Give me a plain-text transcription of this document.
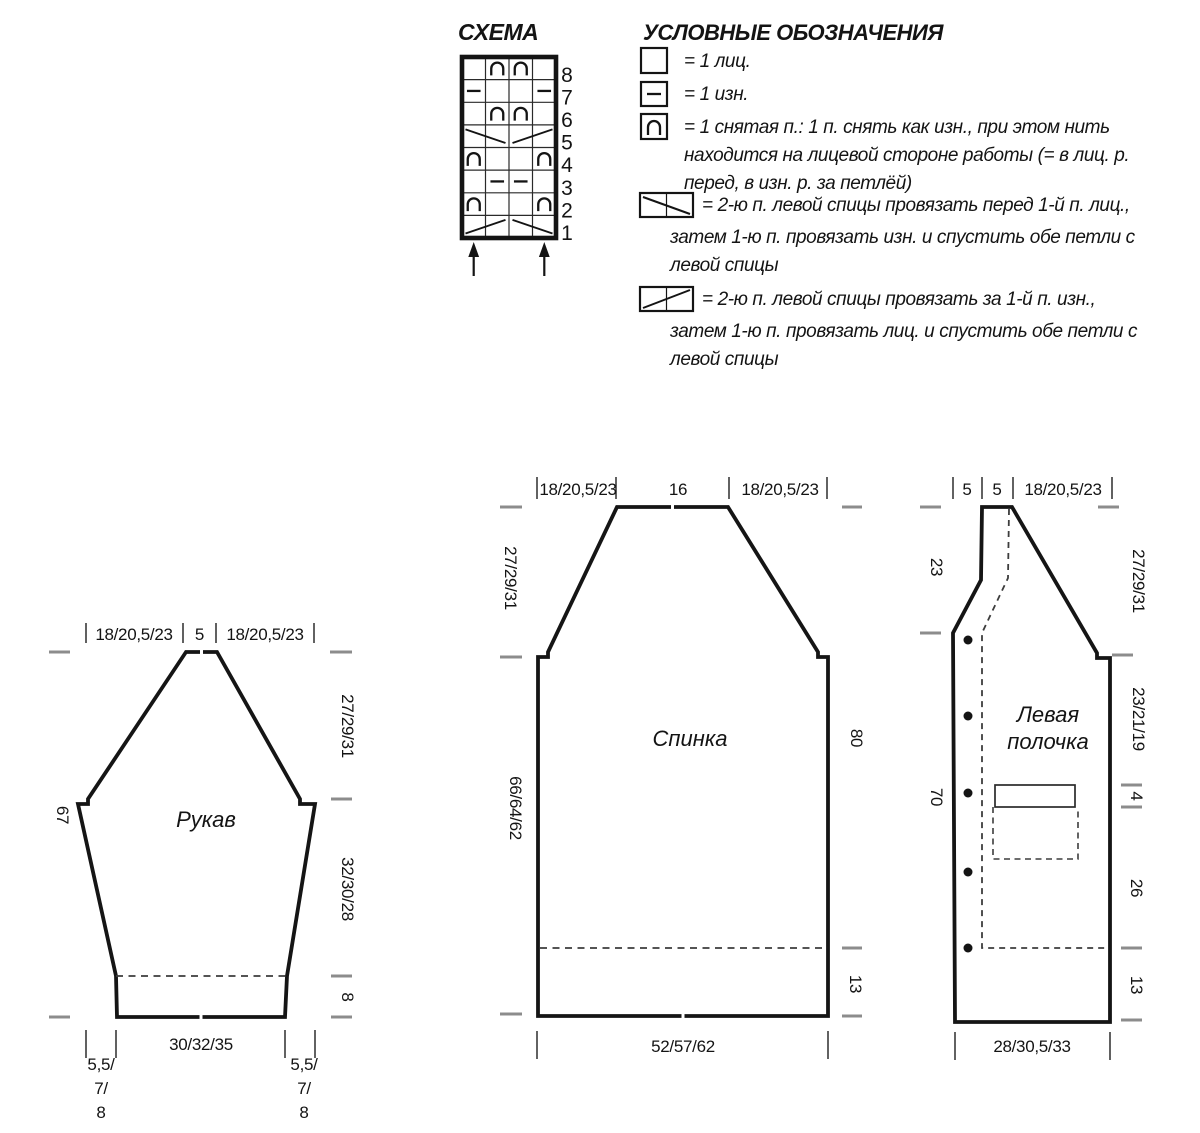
СХЕМА
8
7
6
5
4
3
2
1
УСЛОВНЫЕ ОБОЗНАЧЕНИЯ
= 1 лиц.
= 1 изн.
= 1 снятая п.: 1 п. снять как изн., при этом нить
находится на лицевой стороне работы (= в лиц. р.
перед, в изн. р. за петлёй)
= 2-ю п. левой спицы провязать перед 1-й п. лиц.,
затем 1-ю п. провязать изн. и спустить обе петли с
левой спицы
= 2-ю п. левой спицы провязать за 1-й п. изн.,
затем 1-ю п. провязать лиц. и спустить обе петли с
левой спицы
Рукав
18/20,5/23 5 18/20,5/23
67
27/29/31
32/30/28
8
30/32/35
5,5/
7/
8
5,5/
7/
8
Спинка
18/20,5/23	16	18/20,5/23
27/29/31
66/64/62
80
13
52/57/62
Левая
полочка
5 5 18/20,5/23
23
70
27/29/31
23/21/19
4
26
13
28/30,5/33
